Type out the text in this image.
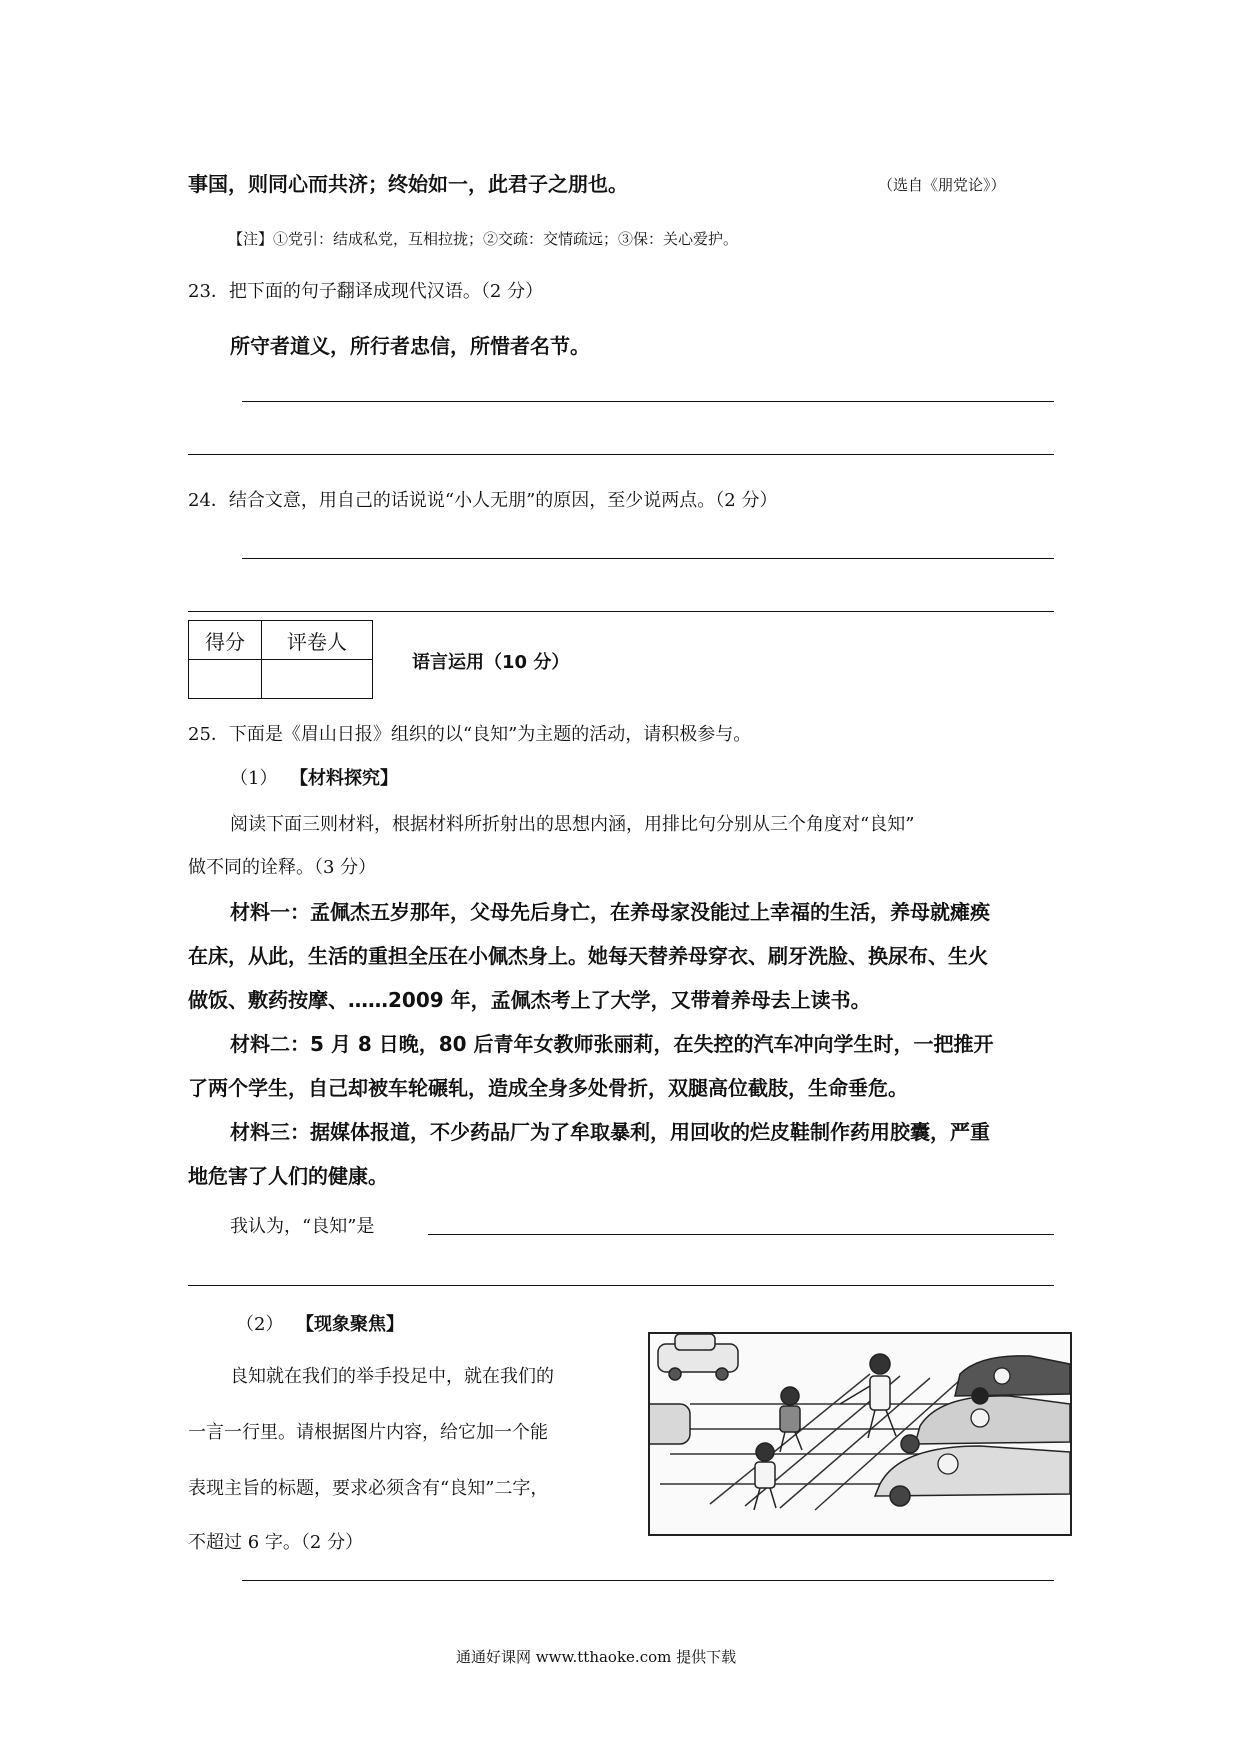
事国，则同心而共济；终始如一，此君子之朋也。	（选自《朋党论》）
【注】①党引：结成私党，互相拉拢；②交疏：交情疏远；③保：关心爱护。
23．把下面的句子翻译成现代汉语。（2 分）
所守者道义，所行者忠信，所惜者名节。
24．结合文意，用自己的话说说“小人无朋”的原因，至少说两点。（2 分）
得分	评卷人

语言运用（10 分）
25．下面是《眉山日报》组织的以“良知”为主题的活动，请积极参与。
（1） 【材料探究】
阅读下面三则材料，根据材料所折射出的思想内涵，用排比句分别从三个角度对“良知”
做不同的诠释。（3 分）
材料一：孟佩杰五岁那年，父母先后身亡，在养母家没能过上幸福的生活，养母就瘫痪
在床，从此，生活的重担全压在小佩杰身上。她每天替养母穿衣、刷牙洗脸、换尿布、生火
做饭、敷药按摩、……2009 年，孟佩杰考上了大学，又带着养母去上读书。
材料二：5 月 8 日晚，80 后青年女教师张丽莉，在失控的汽车冲向学生时，一把推开
了两个学生，自己却被车轮碾轧，造成全身多处骨折，双腿高位截肢，生命垂危。
材料三：据媒体报道，不少药品厂为了牟取暴利，用回收的烂皮鞋制作药用胶囊，严重
地危害了人们的健康。
我认为，“良知”是
（2） 【现象聚焦】
良知就在我们的举手投足中，就在我们的
一言一行里。请根据图片内容，给它加一个能
表现主旨的标题，要求必须含有“良知”二字，
不超过 6 字。（2 分）
通通好课网 www.tthaoke.com 提供下载
